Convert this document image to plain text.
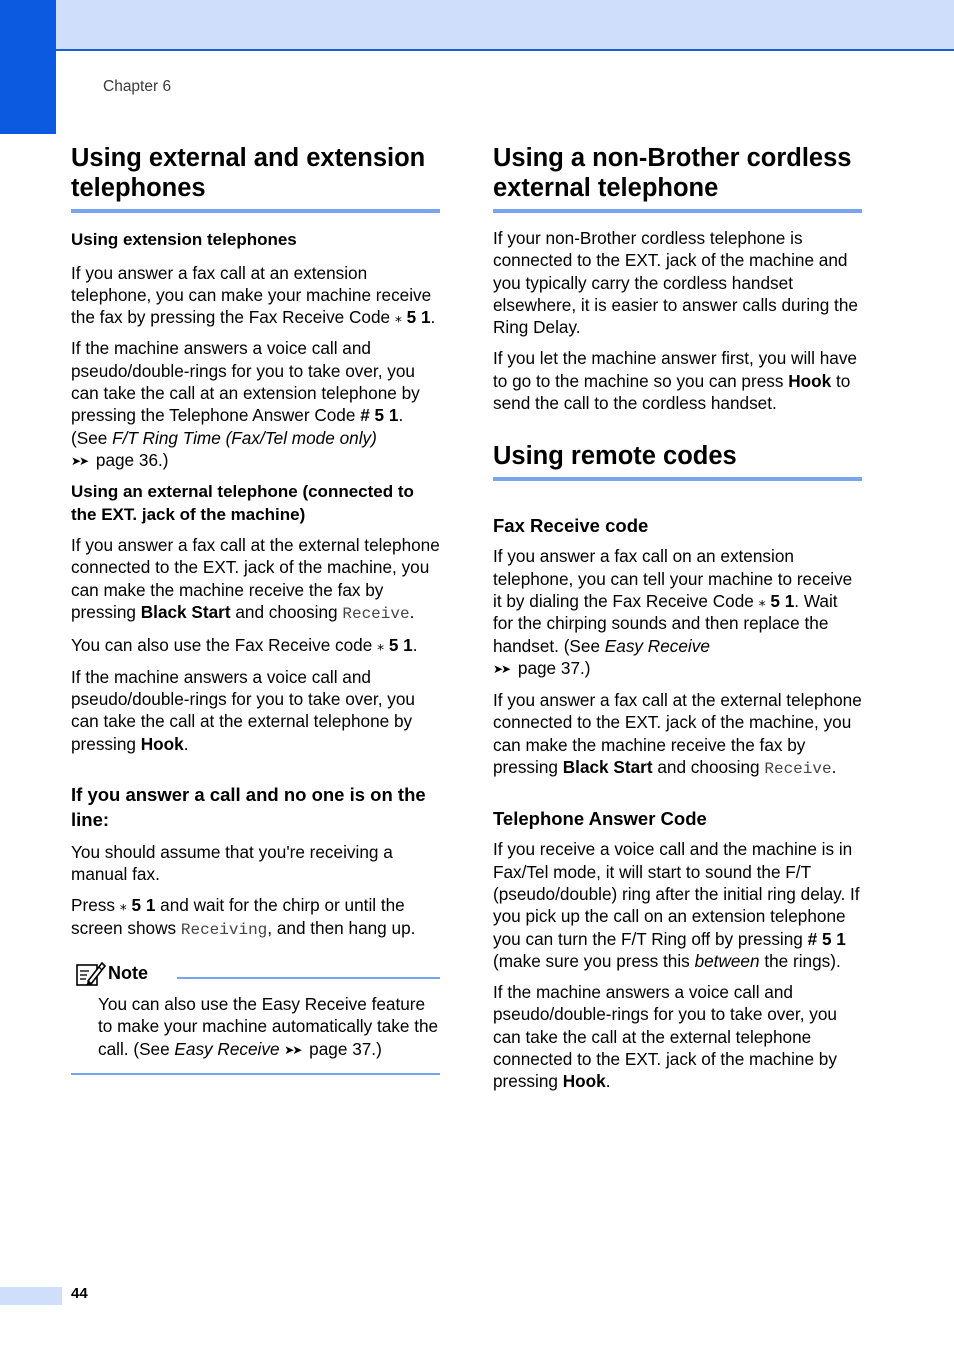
Chapter 6
Using external and extension telephones
Using extension telephones

If you answer a fax call at an extension telephone, you can make your machine receive the fax by pressing the Fax Receive Code ⁎ 5 1.

If the machine answers a voice call and pseudo/double-rings for you to take over, you can take the call at an extension telephone by pressing the Telephone Answer Code # 5 1. (See F/T Ring Time (Fax/Tel mode only)
➤➤ page 36.)

Using an external telephone (connected to the EXT. jack of the machine)

If you answer a fax call at the external telephone connected to the EXT. jack of the machine, you can make the machine receive the fax by pressing Black Start and choosing Receive.

You can also use the Fax Receive code ⁎ 5 1.

If the machine answers a voice call and pseudo/double-rings for you to take over, you can take the call at the external telephone by pressing Hook.

If you answer a call and no one is on the line:

You should assume that you're receiving a manual fax.

Press ⁎ 5 1 and wait for the chirp or until the screen shows Receiving, and then hang up.

Note

You can also use the Easy Receive feature to make your machine automatically take the call. (See Easy Receive ➤➤ page 37.)

Using a non-Brother cordless external telephone

If your non-Brother cordless telephone is connected to the EXT. jack of the machine and you typically carry the cordless handset elsewhere, it is easier to answer calls during the Ring Delay.

If you let the machine answer first, you will have to go to the machine so you can press Hook to send the call to the cordless handset.

Using remote codes
Fax Receive code

If you answer a fax call on an extension telephone, you can tell your machine to receive it by dialing the Fax Receive Code ⁎ 5 1. Wait for the chirping sounds and then replace the handset. (See Easy Receive
➤➤ page 37.)

If you answer a fax call at the external telephone connected to the EXT. jack of the machine, you can make the machine receive the fax by pressing Black Start and choosing Receive.

Telephone Answer Code

If you receive a voice call and the machine is in Fax/Tel mode, it will start to sound the F/T (pseudo/double) ring after the initial ring delay. If you pick up the call on an extension telephone you can turn the F/T Ring off by pressing # 5 1 (make sure you press this between the rings).

If the machine answers a voice call and pseudo/double-rings for you to take over, you can take the call at the external telephone connected to the EXT. jack of the machine by pressing Hook.

44
